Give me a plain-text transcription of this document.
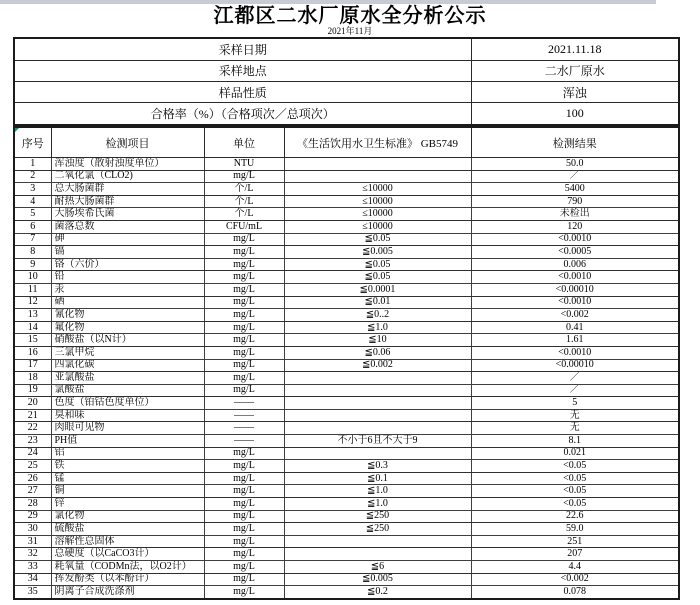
江都区二水厂原水全分析公示
2021年11月
采样日期	2021.11.18
采样地点	二水厂原水
样品性质	浑浊
合格率（%）（合格项次／总项次）	100
序号	检测项目	单位	《生活饮用水卫生标准》 GB5749	检测结果
1	浑浊度（散射浊度单位）	NTU		50.0
2	二氧化氯（CLO2)	mg/L		／
3	总大肠菌群	个/L	≤10000	5400
4	耐热大肠菌群	个/L	≤10000	790
5	大肠埃希氏菌	个/L	≤10000	未检出
6	菌落总数	CFU/mL	≤10000	120
7	砷	mg/L	≦0.05	<0.0010
8	镉	mg/L	≦0.005	<0.0005
9	铬（六价）	mg/L	≦0.05	0.006
10	铅	mg/L	≦0.05	<0.0010
11	汞	mg/L	≦0.0001	<0.00010
12	硒	mg/L	≦0.01	<0.0010
13	氰化物	mg/L	≦0..2	<0.002
14	氟化物	mg/L	≦1.0	0.41
15	硝酸盐（以N计）	mg/L	≦10	1.61
16	三氯甲烷	mg/L	≦0.06	<0.0010
17	四氯化碳	mg/L	≦0.002	<0.00010
18	亚氯酸盐	mg/L		／
19	氯酸盐	mg/L		／
20	色度（铂钴色度单位）	——		5
21	臭和味	——		无
22	肉眼可见物	——		无
23	PH值	——	不小于6且不大于9	8.1
24	铝	mg/L		0.021
25	铁	mg/L	≦0.3	<0.05
26	锰	mg/L	≦0.1	<0.05
27	铜	mg/L	≦1.0	<0.05
28	锌	mg/L	≦1.0	<0.05
29	氯化物	mg/L	≦250	22.6
30	硫酸盐	mg/L	≦250	59.0
31	溶解性总固体	mg/L		251
32	总硬度（以CaCO3计）	mg/L		207
33	耗氧量（CODMn法，以O2计）	mg/L	≦6	4.4
34	挥发酚类（以苯酚计）	mg/L	≦0.005	<0.002
35	阴离子合成洗涤剂	mg/L	≦0.2	0.078
